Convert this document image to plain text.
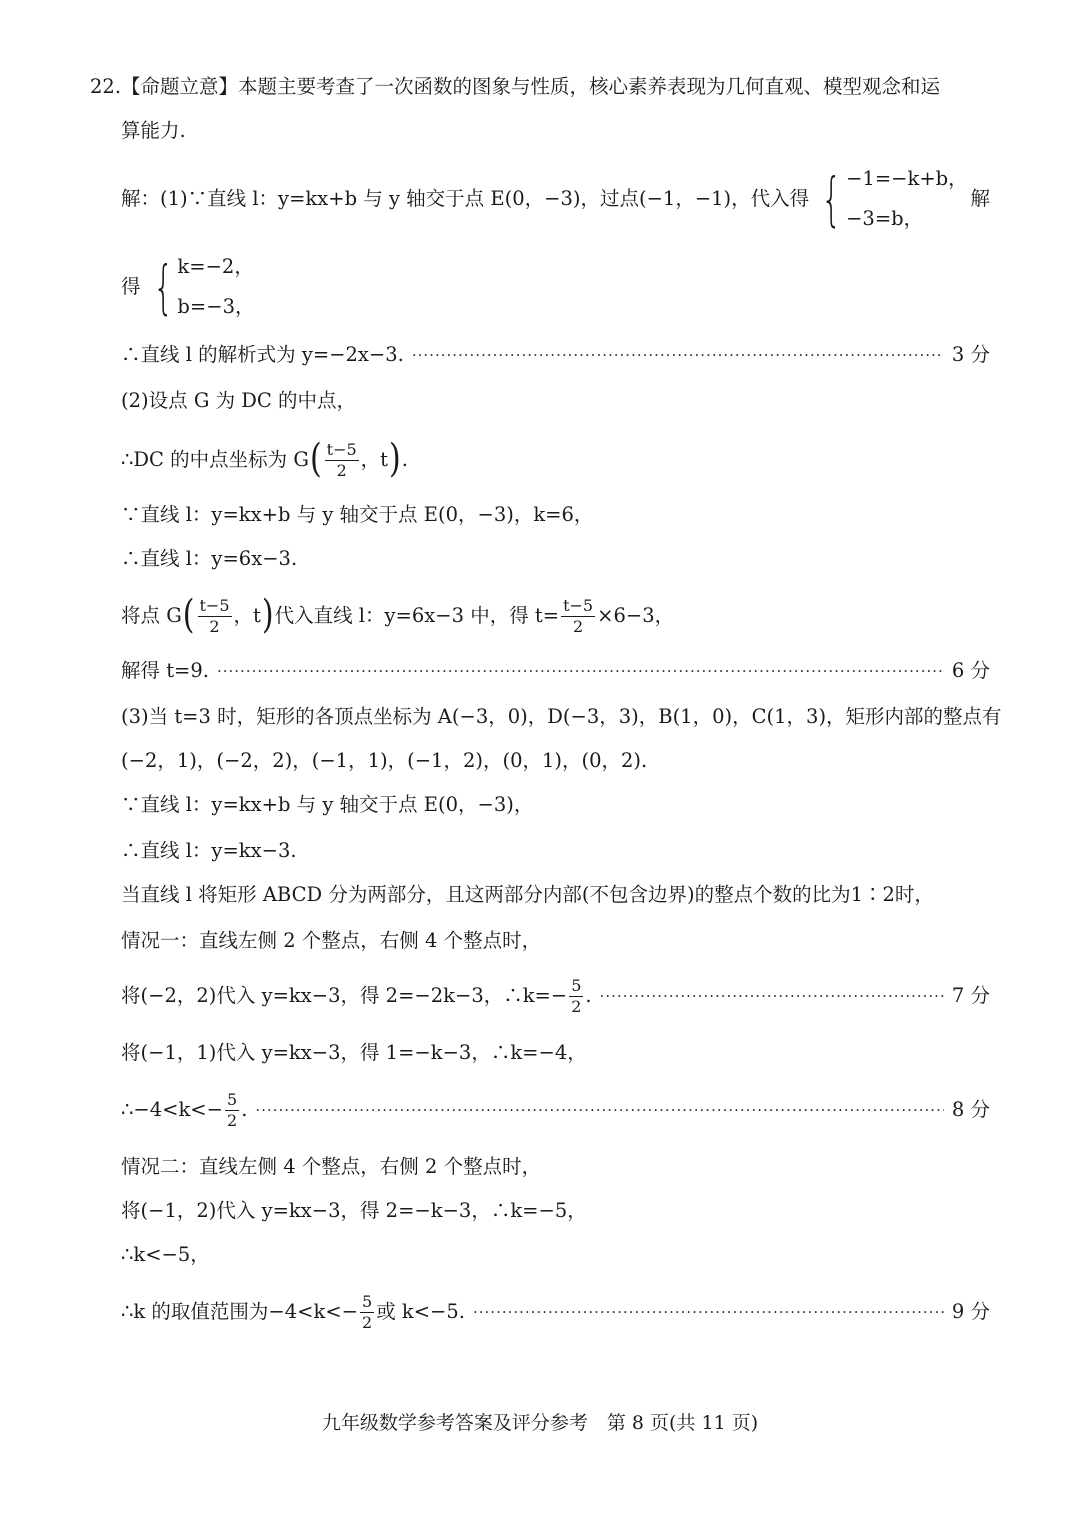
22.【命题立意】本题主要考查了一次函数的图象与性质，核心素养表现为几何直观、模型观念和运
算能力.
解：(1)∵直线 l：y=kx+b 与 y 轴交于点 E(0，−3)，过点(−1，−1)，代入得 { −1=−k+b，
−3=b，
解
得 { k=−2，
b=−3，
∴直线 l 的解析式为 y=−2x−3. ·····	3 分
(2)设点 G 为 DC 的中点，
∴DC 的中点坐标为 G ( $\frac{t-5}{2}$ ，t ) .
∵直线 l：y=kx+b 与 y 轴交于点 E(0，−3)，k=6，
∴直线 l：y=6x−3.
将点 G ( $\frac{t-5}{2}$ ，t ) 代入直线 l：y=6x−3 中，得 $t= \frac{t-5}{2} \times 6-3$，
解得 t=9. ·····	6 分
(3)当 t=3 时，矩形的各顶点坐标为 A(−3，0)，D(−3，3)，B(1，0)，C(1，3)，矩形内部的整点有
(−2，1)，(−2，2)，(−1，1)，(−1，2)，(0，1)，(0，2).
∵直线 l：y=kx+b 与 y 轴交于点 E(0，−3)，
∴直线 l：y=kx−3.
当直线 l 将矩形 ABCD 分为两部分，且这两部分内部(不包含边界)的整点个数的比为1∶2时，
情况一：直线左侧 2 个整点，右侧 4 个整点时，
将(−2，2)代入 y=kx−3，得 2=−2k−3，∴k=− $\frac{5}{2}$ . ·····	7 分
将(−1，1)代入 y=kx−3，得 1=−k−3，∴k=−4，
∴−4<k<− $\frac{5}{2}$ . ·····	8 分
情况二：直线左侧 4 个整点，右侧 2 个整点时，
将(−1，2)代入 y=kx−3，得 2=−k−3，∴k=−5，
∴k<−5，
∴k 的取值范围为$-4<k<- \frac{5}{2}$ 或 k<−5. ·····	9 分
九年级数学参考答案及评分参考　第 8 页(共 11 页)
